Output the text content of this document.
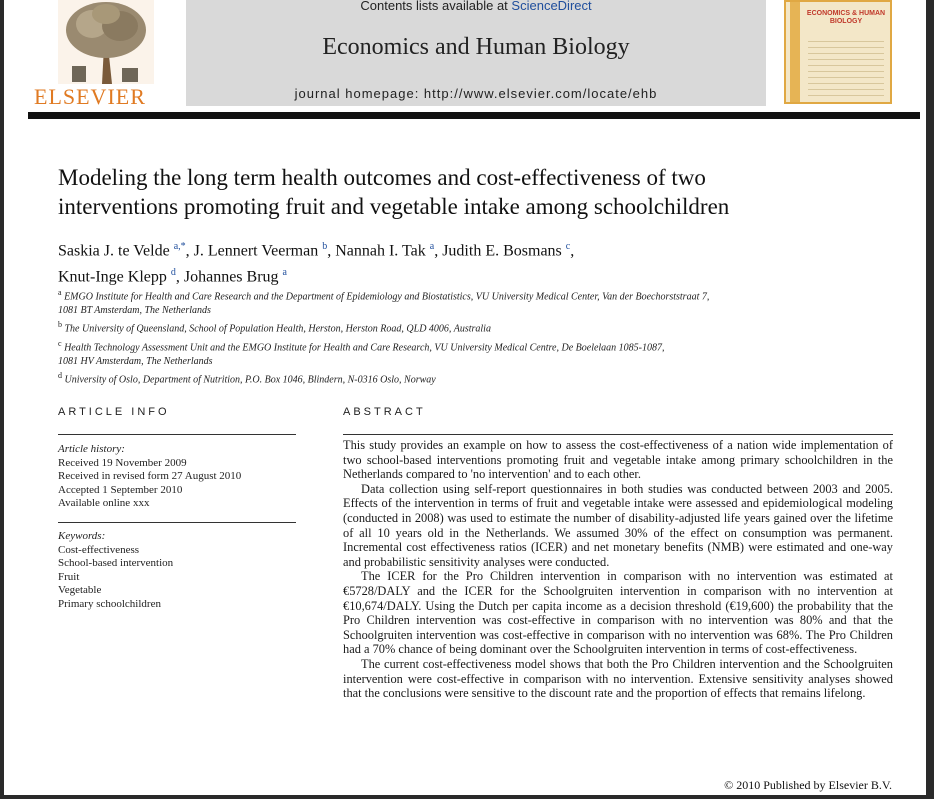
ELSEVIER
Contents lists available at ScienceDirect
Economics and Human Biology
journal homepage: http://www.elsevier.com/locate/ehb
ECONOMICS & HUMAN BIOLOGY
Modeling the long term health outcomes and cost-effectiveness of two
interventions promoting fruit and vegetable intake among schoolchildren
Saskia J. te Velde $^{a,*}$, J. Lennert Veerman $^b$, Nannah I. Tak $^a$, Judith E. Bosmans $^c$,
Knut-Inge Klepp $^d$, Johannes Brug $^a$
$^a$ EMGO Institute for Health and Care Research and the Department of Epidemiology and Biostatistics, VU University Medical Center, Van der Boechorststraat 7,
1081 BT Amsterdam, The Netherlands
$^b$ The University of Queensland, School of Population Health, Herston, Herston Road, QLD 4006, Australia
$^c$ Health Technology Assessment Unit and the EMGO Institute for Health and Care Research, VU University Medical Centre, De Boelelaan 1085-1087,
1081 HV Amsterdam, The Netherlands
$^d$ University of Oslo, Department of Nutrition, P.O. Box 1046, Blindern, N-0316 Oslo, Norway
ARTICLE INFO	ABSTRACT
Article history:
Received 19 November 2009
Received in revised form 27 August 2010
Accepted 1 September 2010
Available online xxx
Keywords:
Cost-effectiveness
School-based intervention
Fruit
Vegetable
Primary schoolchildren

This study provides an example on how to assess the cost-effectiveness of a nation wide implementation of two school-based interventions promoting fruit and vegetable intake among primary schoolchildren in the Netherlands compared to 'no intervention' and to each other.

Data collection using self-report questionnaires in both studies was conducted between 2003 and 2005. Effects of the intervention in terms of fruit and vegetable intake were assessed and epidemiological modeling (conducted in 2008) was used to estimate the number of disability-adjusted life years gained over the lifetime of all 10 years old in the Netherlands. We assumed 30% of the effect on consumption was permanent. Incremental cost effectiveness ratios (ICER) and net monetary benefits (NMB) were estimated and one-way and probabilistic sensitivity analyses were conducted.

The ICER for the Pro Children intervention in comparison with no intervention was estimated at €5728/DALY and the ICER for the Schoolgruiten intervention in comparison with no intervention at €10,674/DALY. Using the Dutch per capita income as a decision threshold (€19,600) the probability that the Pro Children intervention was cost-effective in comparison with no intervention was 80% and that the Schoolgruiten intervention was cost-effective in comparison with no intervention was 68%. The Pro Children had a 70% chance of being dominant over the Schoolgruiten intervention in terms of cost-effectiveness.

The current cost-effectiveness model shows that both the Pro Children intervention and the Schoolgruiten intervention were cost-effective in comparison with no intervention. Extensive sensitivity analyses showed that the conclusions were sensitive to the discount rate and the proportion of effects that remains lifelong.

© 2010 Published by Elsevier B.V.
